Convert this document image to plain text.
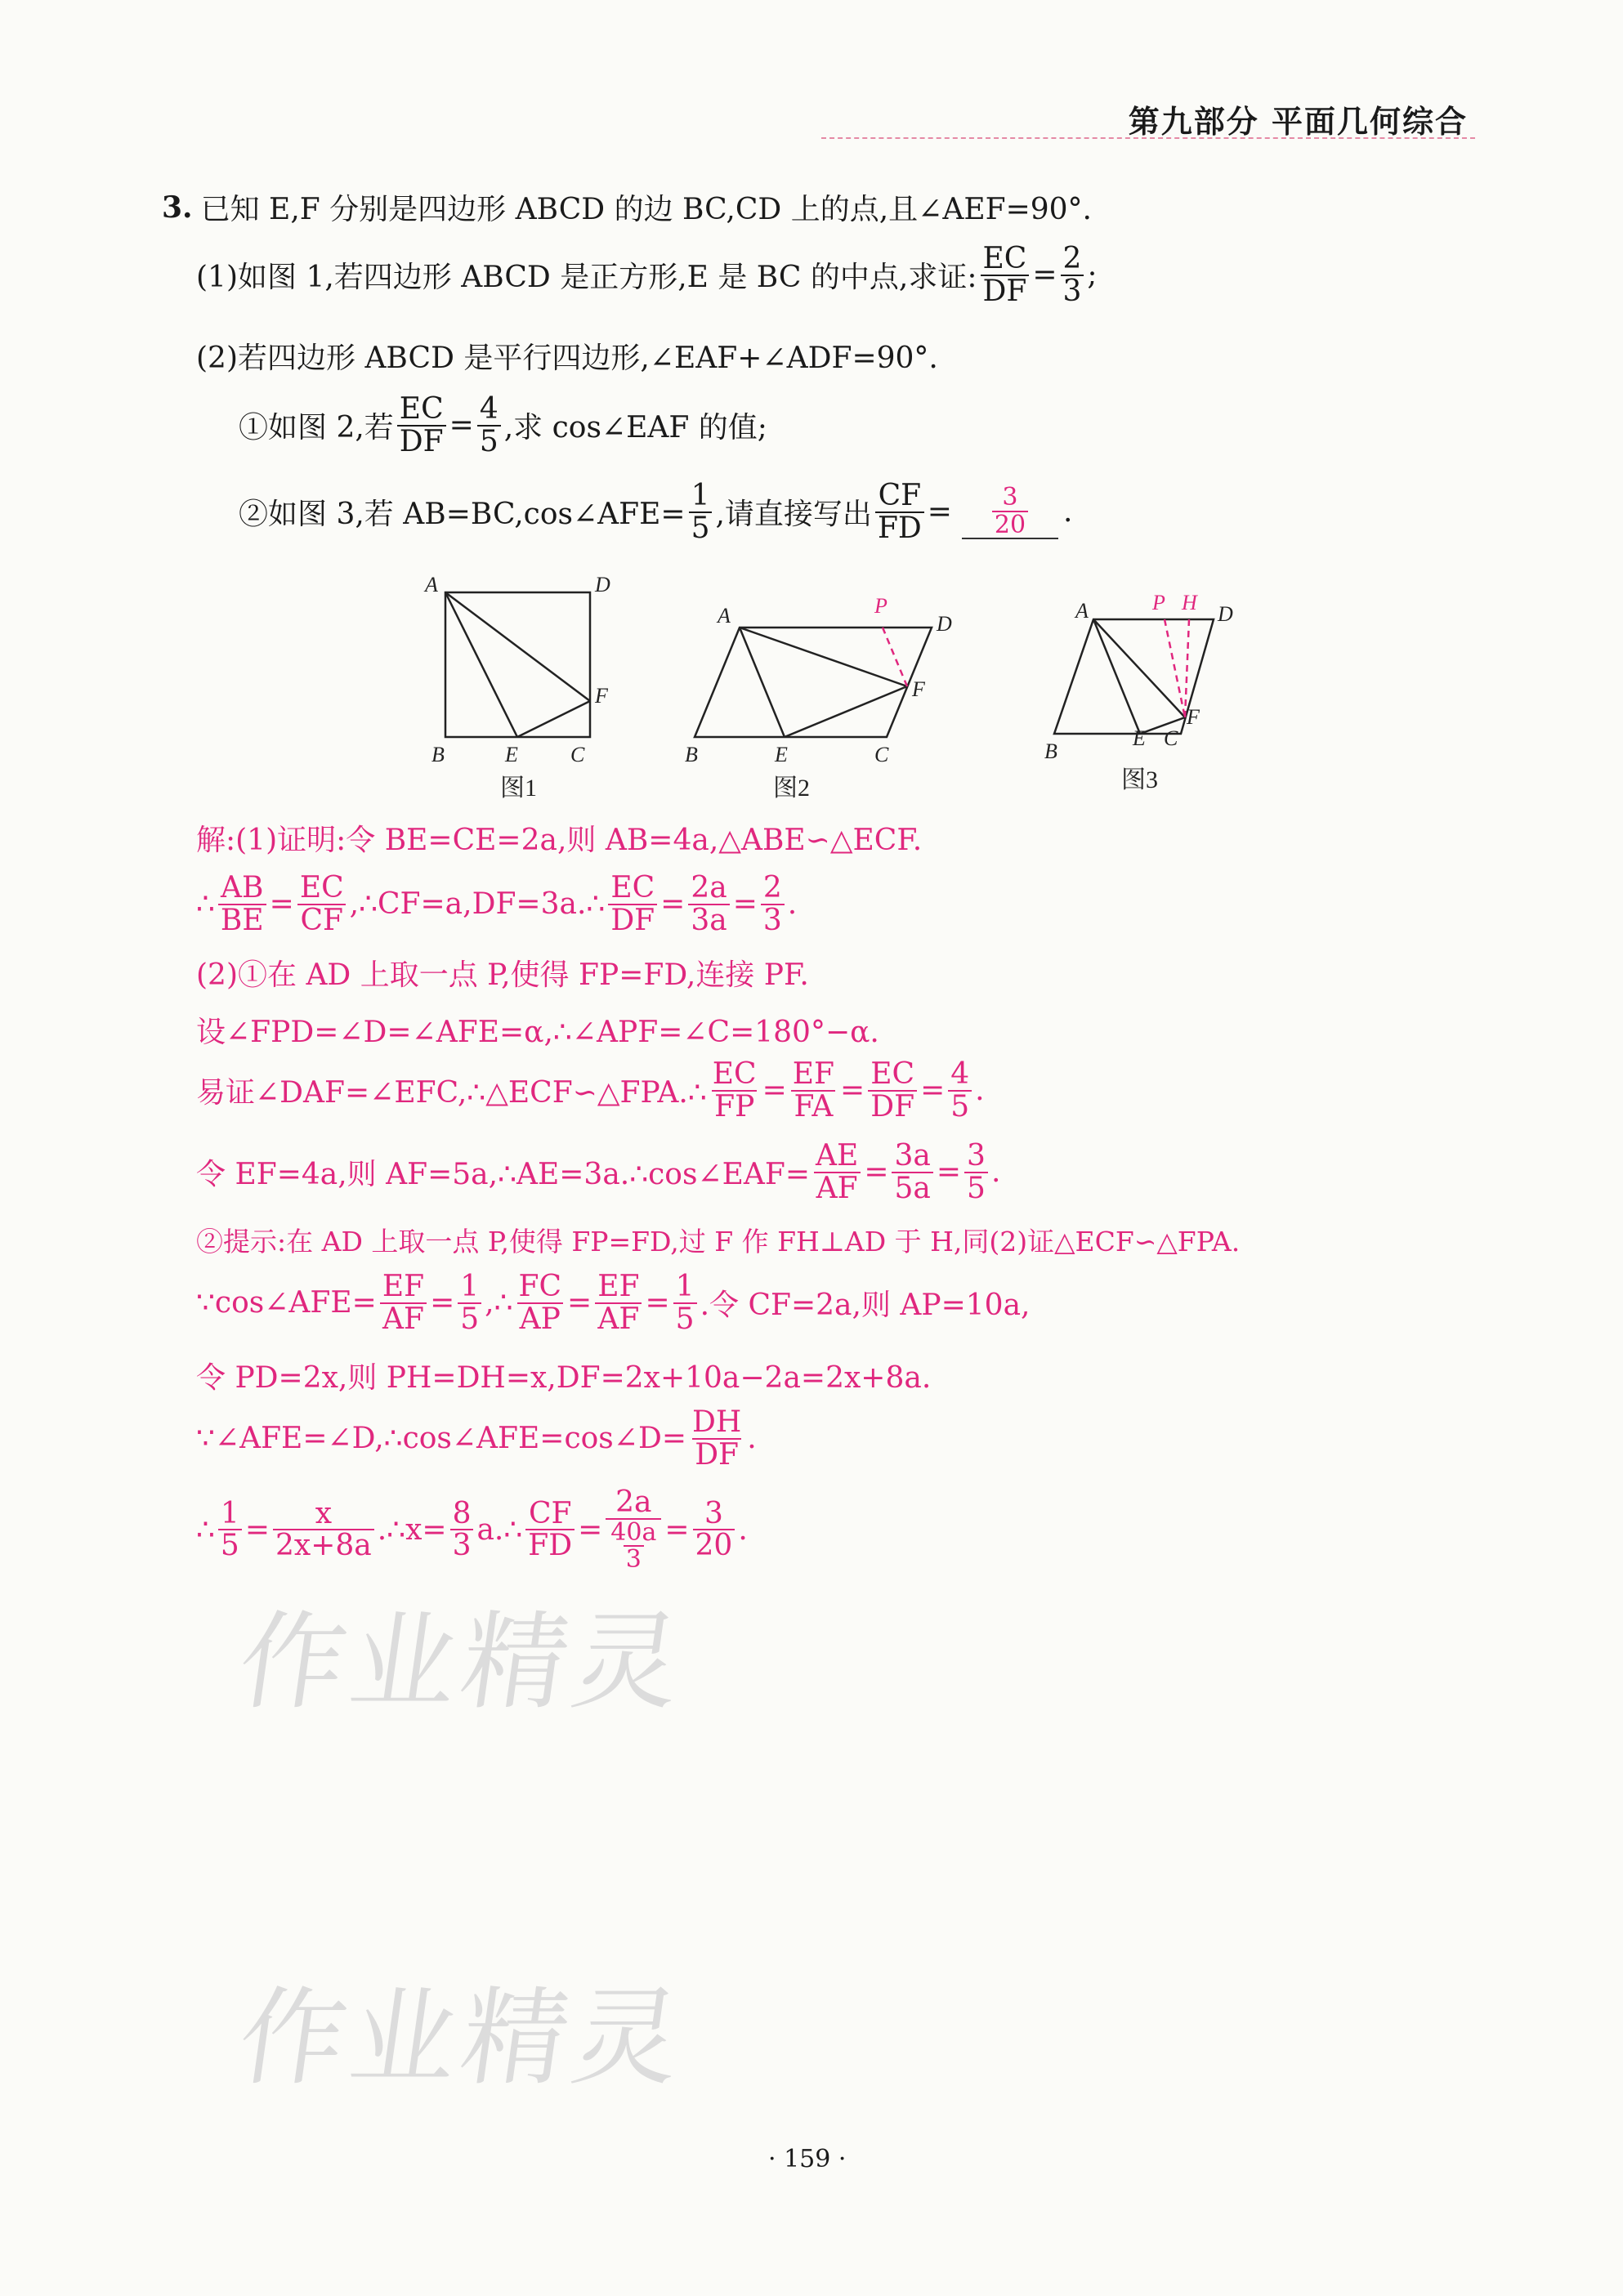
第九部分 平面几何综合
3. 已知 E,F 分别是四边形 ABCD 的边 BC,CD 上的点,且∠AEF=90°.
(1)如图 1,若四边形 ABCD 是正方形,E 是 BC 的中点,求证: $\frac{EC}{DF} = \frac{2}{3}$ ;
(2)若四边形 ABCD 是平行四边形,∠EAF+∠ADF=90°.
①如图 2,若 $\frac{EC}{DF} = \frac{4}{5}$ ,求 cos∠EAF 的值;
②如图 3,若 AB=BC,cos∠AFE= $\frac{1}{5}$ ,请直接写出 $\frac{CF}{FD} = \frac{3}{20}$ .
A	D
B	E C
F
图1
A	P
D
F
B	E	C
图2
A	P H D
F
B
E C
图3
解:(1)证明:令 BE=CE=2a,则 AB=4a,△ABE∽△ECF.
∴ $\frac{AB}{BE} = \frac{EC}{CF}$ ,∴CF=a,DF=3a.∴ $\frac{EC}{DF} = \frac{2a}{3a} = \frac{2}{3}$ .
(2)①在 AD 上取一点 P,使得 FP=FD,连接 PF.
设∠FPD=∠D=∠AFE=α,∴∠APF=∠C=180°−α.
易证∠DAF=∠EFC,∴△ECF∽△FPA.∴ $\frac{EC}{FP} = \frac{EF}{FA} = \frac{EC}{DF} = \frac{4}{5}$ .
令 EF=4a,则 AF=5a,∴AE=3a.∴cos∠EAF= $\frac{AE}{AF} = \frac{3a}{5a} = \frac{3}{5}$ .
②提示:在 AD 上取一点 P,使得 FP=FD,过 F 作 FH⊥AD 于 H,同(2)证△ECF∽△FPA.
∵cos∠AFE= $\frac{EF}{AF} = \frac{1}{5}$ ,∴ $\frac{FC}{AP} = \frac{EF}{AF} = \frac{1}{5}$ .令 CF=2a,则 AP=10a,
令 PD=2x,则 PH=DH=x,DF=2x+10a−2a=2x+8a.
∵∠AFE=∠D,∴cos∠AFE=cos∠D= $\frac{DH}{DF}$ .
∴ $\frac{1}{5} = \frac{x}{2x+8a}$ .∴x= $\frac{8}{3}$ a.∴ $\frac{CF}{FD} = \frac{2a}{\frac{40a}{3}} = \frac{3}{20}$ .
作业精灵
作业精灵
· 159 ·
